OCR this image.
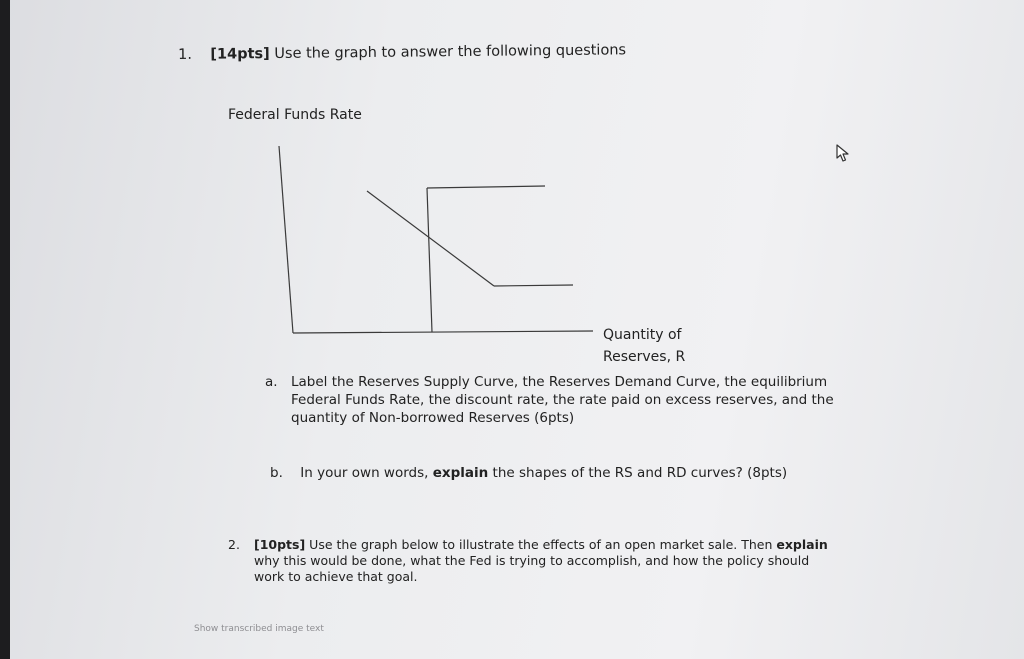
1. [14pts] Use the graph to answer the following questions
Federal Funds Rate
Quantity of
Reserves, R
a. Label the Reserves Supply Curve, the Reserves Demand Curve, the equilibrium
Federal Funds Rate, the discount rate, the rate paid on excess reserves, and the
quantity of Non-borrowed Reserves (6pts)
b. In your own words, explain the shapes of the RS and RD curves? (8pts)
2. [10pts] Use the graph below to illustrate the effects of an open market sale. Then explain
why this would be done, what the Fed is trying to accomplish, and how the policy should
work to achieve that goal.
Show transcribed image text
